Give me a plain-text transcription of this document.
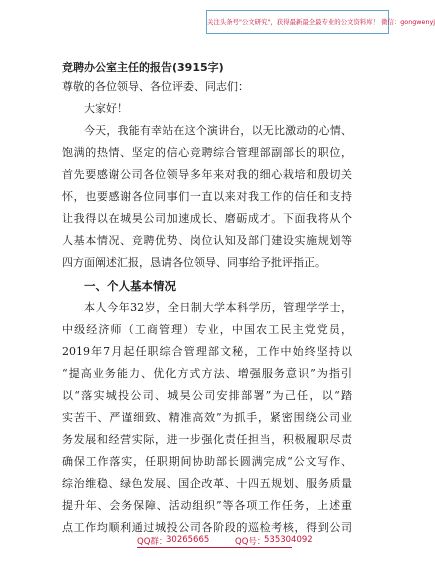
关注头条号"公文研究"，获得最新最全最专业的公文资料库！ 微信：gongwenyj
竞聘办公室主任的报告(3915字)
尊敬的各位领导、各位评委、同志们：
大家好！
今天，我能有幸站在这个演讲台，以无比激动的心情、
饱满的热情、坚定的信心竞聘综合管理部副部长的职位，
首先要感谢公司各位领导多年来对我的细心栽培和殷切关
怀，也要感谢各位同事们一直以来对我工作的信任和支持
让我得以在城昊公司加速成长、磨砺成才。下面我将从个
人基本情况、竞聘优势、岗位认知及部门建设实施规划等
四方面阐述汇报，恳请各位领导、同事给予批评指正。
一、个人基本情况
本人今年32岁，全日制大学本科学历，管理学学士，
中级经济师（工商管理）专业，中国农工民主党党员，
2019年7月起任职综合管理部文秘，工作中始终坚持以
“提高业务能力、优化方式方法、增强服务意识”为指引
以“落实城投公司、城昊公司安排部署”为己任，以“踏
实苦干、严谨细致、精准高效”为抓手，紧密围绕公司业
务发展和经营实际，进一步强化责任担当，积极履职尽责
确保工作落实，任职期间协助部长圆满完成“公文写作、
综治维稳、绿色发展、国企改革、十四五规划、服务质量
提升年、会务保障、活动组织”等各项工作任务，上述重
点工作均顺利通过城投公司各阶段的巡检考核，得到公司
QQ群：
30265665	QQ号：
535304092
